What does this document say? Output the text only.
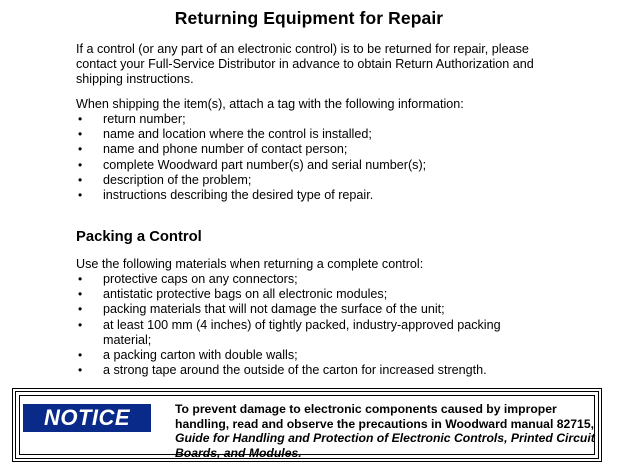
Returning Equipment for Repair
If a control (or any part of an electronic control) is to be returned for repair, please contact your Full-Service Distributor in advance to obtain Return Authorization and shipping instructions.
When shipping the item(s), attach a tag with the following information:
• return number;
• name and location where the control is installed;
• name and phone number of contact person;
• complete Woodward part number(s) and serial number(s);
• description of the problem;
• instructions describing the desired type of repair.
Packing a Control
Use the following materials when returning a complete control:
• protective caps on any connectors;
• antistatic protective bags on all electronic modules;
• packing materials that will not damage the surface of the unit;
• at least 100 mm (4 inches) of tightly packed, industry-approved packing material;
• a packing carton with double walls;
• a strong tape around the outside of the carton for increased strength.
NOTICE	To prevent damage to electronic components caused by improper handling, read and observe the precautions in Woodward manual 82715, Guide for Handling and Protection of Electronic Controls, Printed Circuit Boards, and Modules.
